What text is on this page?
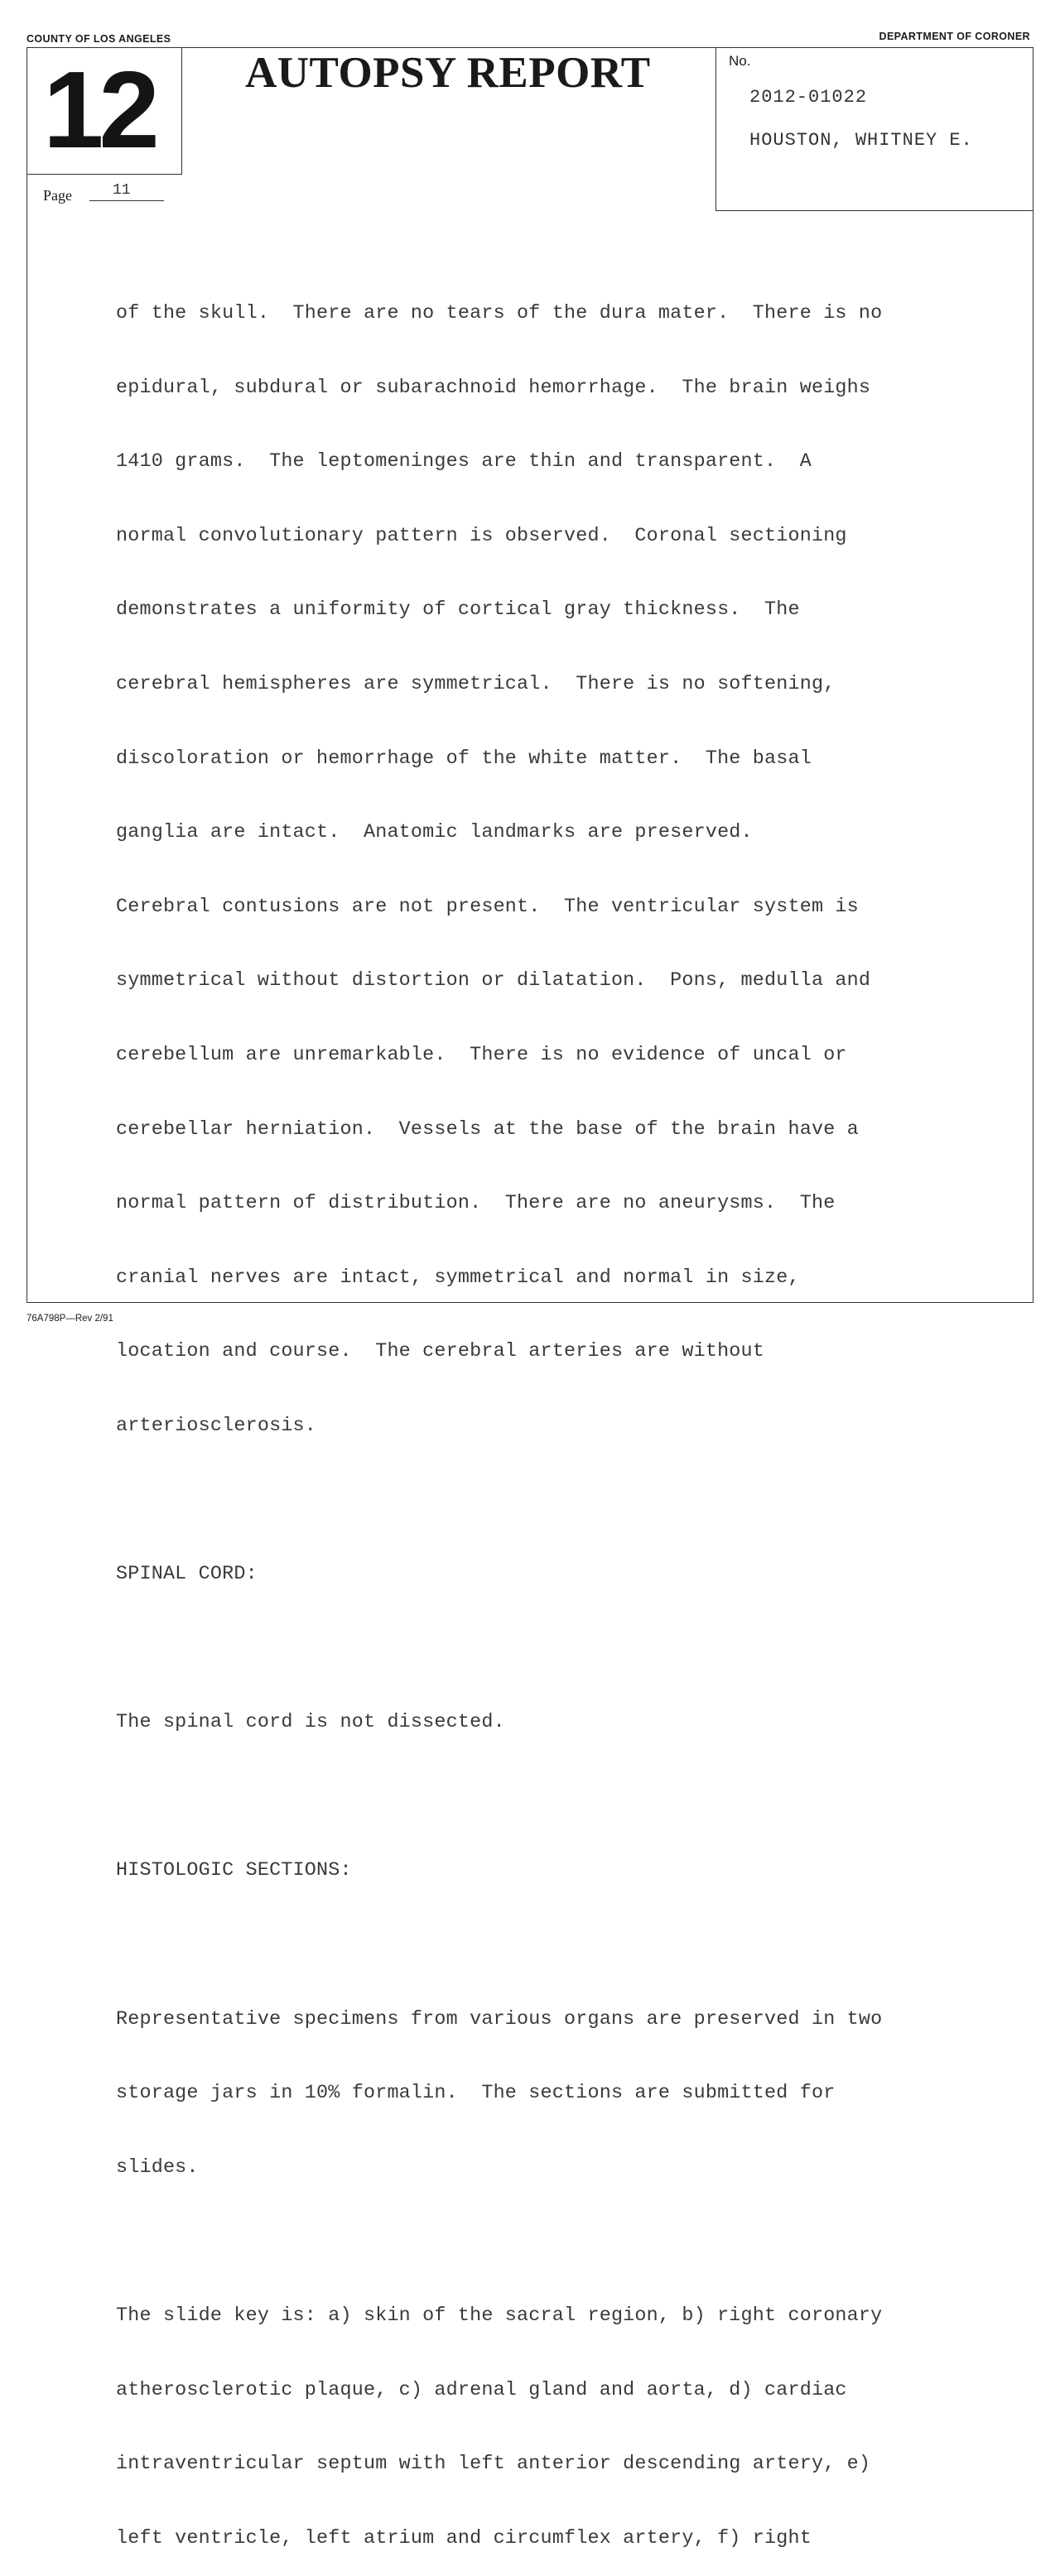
COUNTY OF LOS ANGELES	DEPARTMENT OF CORONER
12 AUTOPSY REPORT
Page	11
No.
2012-01022
HOUSTON, WHITNEY E.

of the skull.  There are no tears of the dura mater.  There is no

epidural, subdural or subarachnoid hemorrhage.  The brain weighs

1410 grams.  The leptomeninges are thin and transparent.  A

normal convolutionary pattern is observed.  Coronal sectioning

demonstrates a uniformity of cortical gray thickness.  The

cerebral hemispheres are symmetrical.  There is no softening,

discoloration or hemorrhage of the white matter.  The basal

ganglia are intact.  Anatomic landmarks are preserved.

Cerebral contusions are not present.  The ventricular system is

symmetrical without distortion or dilatation.  Pons, medulla and

cerebellum are unremarkable.  There is no evidence of uncal or

cerebellar herniation.  Vessels at the base of the brain have a

normal pattern of distribution.  There are no aneurysms.  The

cranial nerves are intact, symmetrical and normal in size,

location and course.  The cerebral arteries are without

arteriosclerosis.

SPINAL CORD:

The spinal cord is not dissected.

HISTOLOGIC SECTIONS:

Representative specimens from various organs are preserved in two

storage jars in 10% formalin.  The sections are submitted for

slides.

The slide key is: a) skin of the sacral region, b) right coronary

atherosclerotic plaque, c) adrenal gland and aorta, d) cardiac

intraventricular septum with left anterior descending artery, e)

left ventricle, left atrium and circumflex artery, f) right

76A798P—Rev 2/91
